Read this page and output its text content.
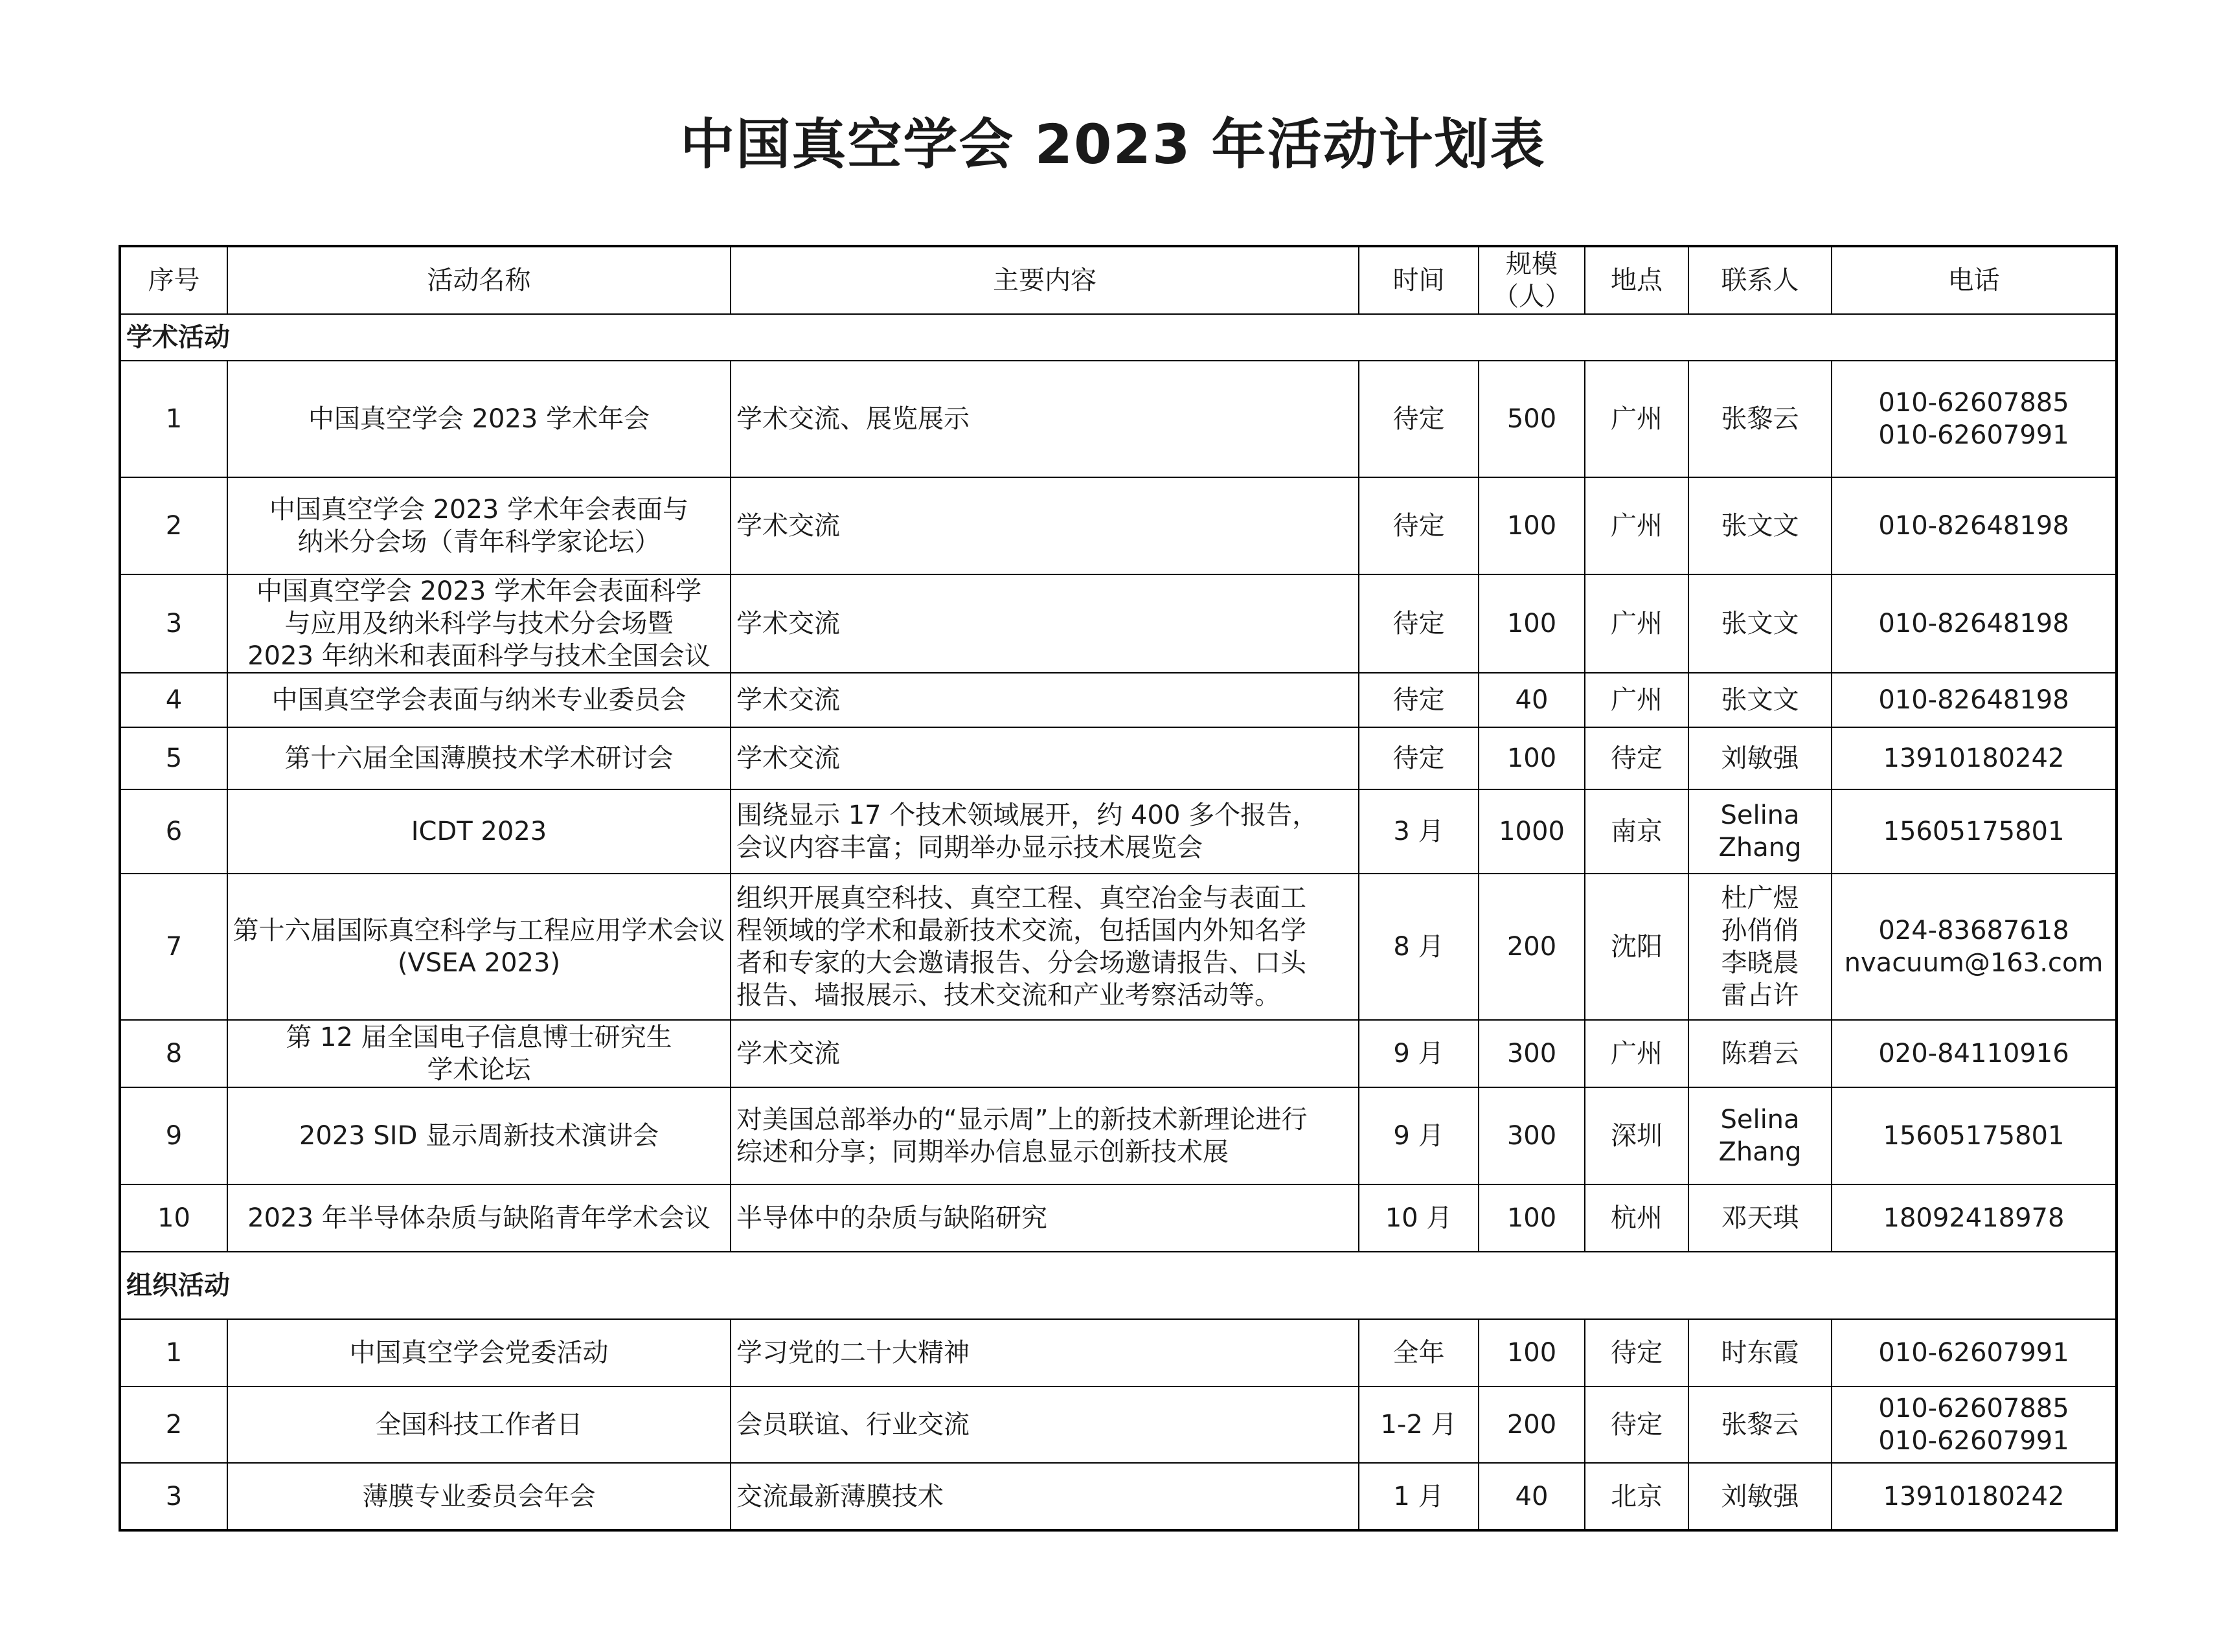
中国真空学会 2023 年活动计划表
序号	活动名称	主要内容	时间	规模（人）	地点	联系人	电话
学术活动							
1	中国真空学会 2023 学术年会	学术交流、展览展示	待定	500	广州	张黎云	010-62607885
010-62607991

2	中国真空学会 2023 学术年会表面与
纳米分会场（青年科学家论坛）	学术交流	待定	100	广州	张文文	010-82648198

3	中国真空学会 2023 学术年会表面科学
与应用及纳米科学与技术分会场暨
2023 年纳米和表面科学与技术全国会议	学术交流	待定	100	广州	张文文	010-82648198

4	中国真空学会表面与纳米专业委员会	学术交流	待定	40	广州	张文文	010-82648198

5	第十六届全国薄膜技术学术研讨会	学术交流	待定	100	待定	刘敏强	13910180242

6	ICDT 2023	围绕显示 17 个技术领域展开，约 400 多个报告，
会议内容丰富；同期举办显示技术展览会	3 月	1000	南京	Selina
Zhang	15605175801

7	第十六届国际真空科学与工程应用学术会议
(VSEA 2023)	组织开展真空科技、真空工程、真空冶金与表面工
程领域的学术和最新技术交流，包括国内外知名学
者和专家的大会邀请报告、分会场邀请报告、口头
报告、墙报展示、技术交流和产业考察活动等。	8 月	200	沈阳	杜广煜
孙俏俏
李晓晨
雷占许	024-83687618
nvacuum@163.com

8	第 12 届全国电子信息博士研究生
学术论坛	学术交流	9 月	300	广州	陈碧云	020-84110916

9	2023 SID 显示周新技术演讲会	对美国总部举办的“显示周”上的新技术新理论进行
综述和分享；同期举办信息显示创新技术展	9 月	300	深圳	Selina
Zhang	15605175801

10	2023 年半导体杂质与缺陷青年学术会议	半导体中的杂质与缺陷研究	10 月	100	杭州	邓天琪	18092418978

组织活动							
1	中国真空学会党委活动	学习党的二十大精神	全年	100	待定	时东霞	010-62607991

2	全国科技工作者日	会员联谊、行业交流	1-2 月	200	待定	张黎云	010-62607885
010-62607991

3	薄膜专业委员会年会	交流最新薄膜技术	1 月	40	北京	刘敏强	13910180242
